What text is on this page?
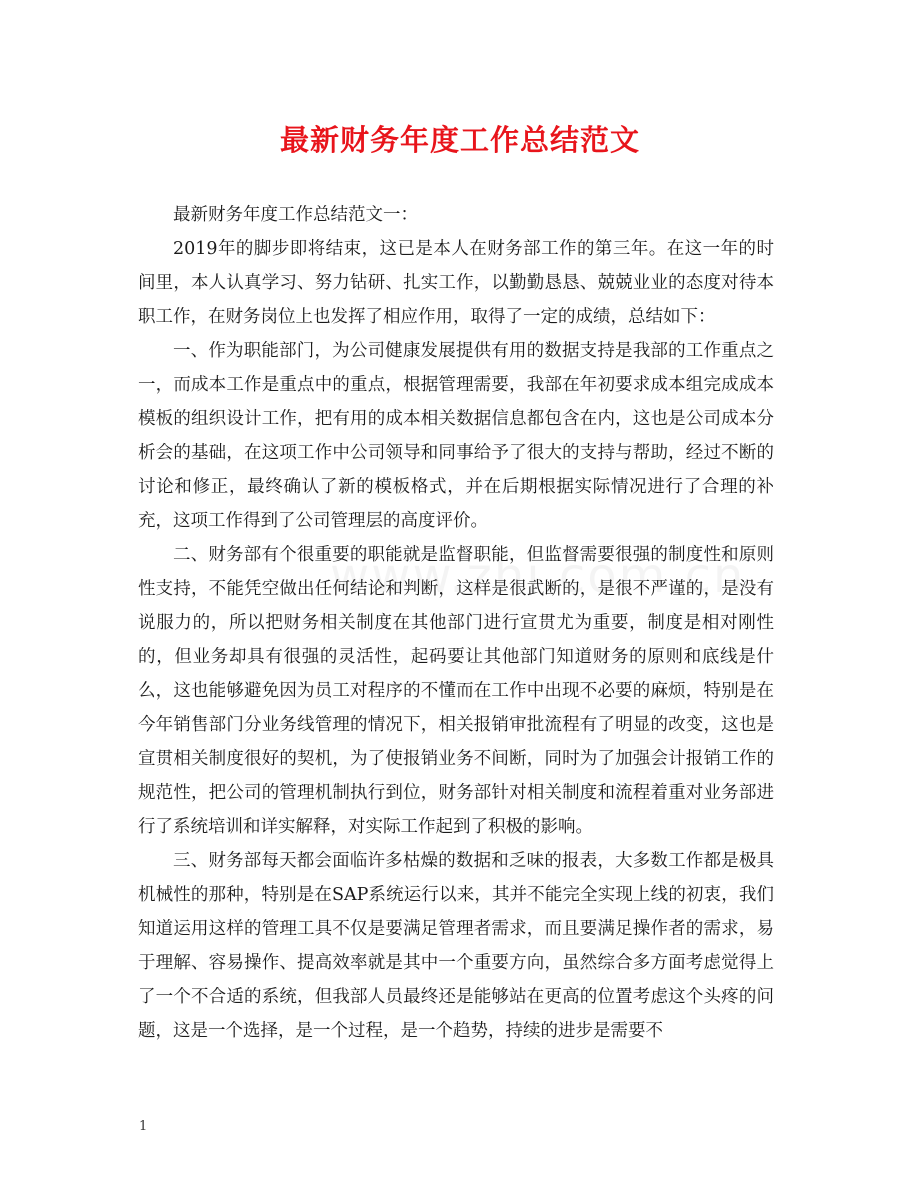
最新财务年度工作总结范文

最新财务年度工作总结范文一：

2019年的脚步即将结束，这已是本人在财务部工作的第三年。在这一年的时间里，本人认真学习、努力钻研、扎实工作，以勤勤恳恳、兢兢业业的态度对待本职工作，在财务岗位上也发挥了相应作用，取得了一定的成绩，总结如下：

一、作为职能部门，为公司健康发展提供有用的数据支持是我部的工作重点之一，而成本工作是重点中的重点，根据管理需要，我部在年初要求成本组完成成本模板的组织设计工作，把有用的成本相关数据信息都包含在内，这也是公司成本分析会的基础，在这项工作中公司领导和同事给予了很大的支持与帮助，经过不断的讨论和修正，最终确认了新的模板格式，并在后期根据实际情况进行了合理的补充，这项工作得到了公司管理层的高度评价。

二、财务部有个很重要的职能就是监督职能，但监督需要很强的制度性和原则性支持，不能凭空做出任何结论和判断，这样是很武断的，是很不严谨的，是没有说服力的，所以把财务相关制度在其他部门进行宣贯尤为重要，制度是相对刚性的，但业务却具有很强的灵活性，起码要让其他部门知道财务的原则和底线是什么，这也能够避免因为员工对程序的不懂而在工作中出现不必要的麻烦，特别是在今年销售部门分业务线管理的情况下，相关报销审批流程有了明显的改变，这也是宣贯相关制度很好的契机，为了使报销业务不间断，同时为了加强会计报销工作的规范性，把公司的管理机制执行到位，财务部针对相关制度和流程着重对业务部进行了系统培训和详实解释，对实际工作起到了积极的影响。

三、财务部每天都会面临许多枯燥的数据和乏味的报表，大多数工作都是极具机械性的那种，特别是在SAP系统运行以来，其并不能完全实现上线的初衷，我们知道运用这样的管理工具不仅是要满足管理者需求，而且要满足操作者的需求，易于理解、容易操作、提高效率就是其中一个重要方向，虽然综合多方面考虑觉得上了一个不合适的系统，但我部人员最终还是能够站在更高的位置考虑这个头疼的问题，这是一个选择，是一个过程，是一个趋势，持续的进步是需要不

1
